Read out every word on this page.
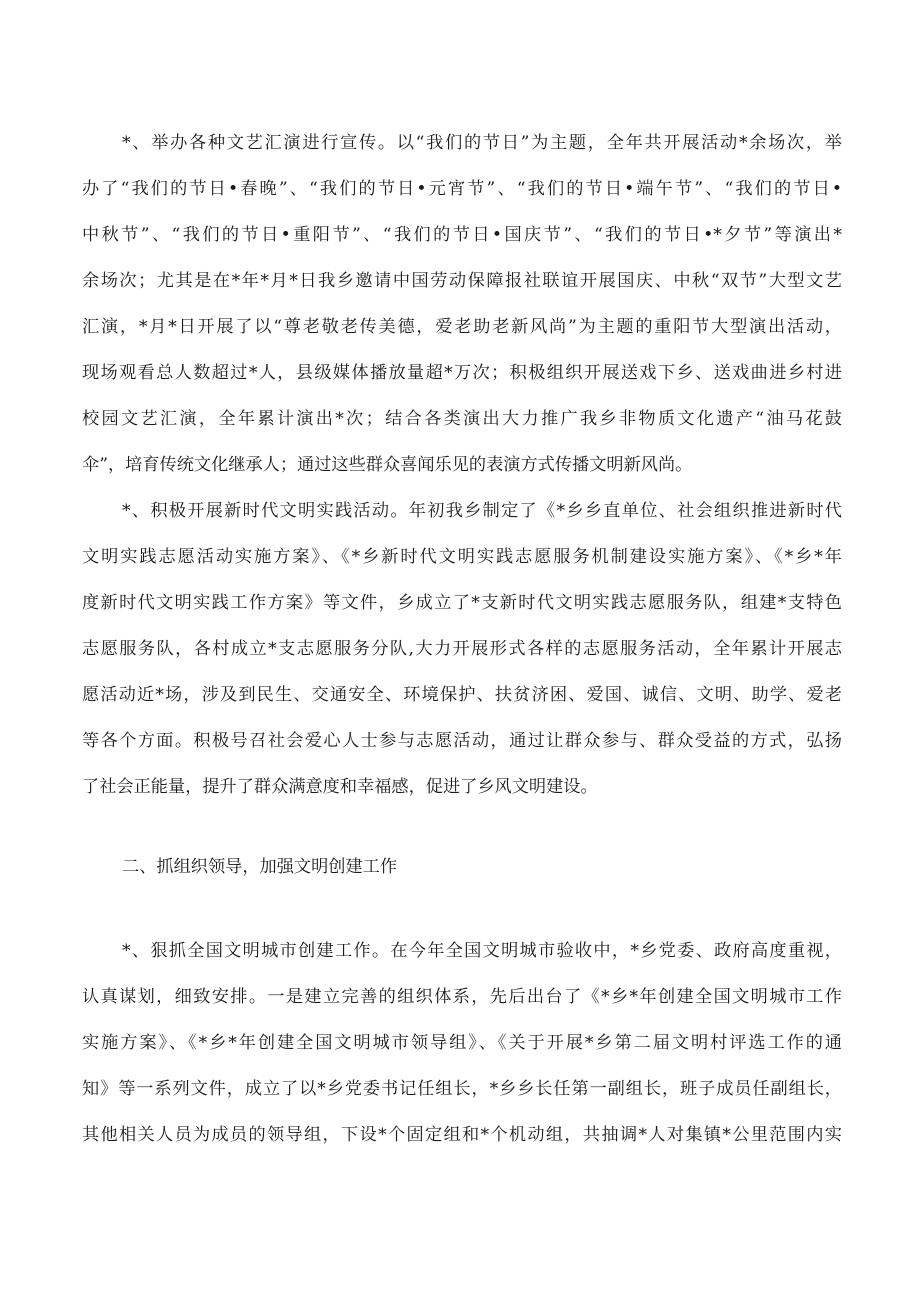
*、举办各种文艺汇演进行宣传。以“我们的节日”为主题，全年共开展活动*余场次，举
办了“我们的节日•春晚”、“我们的节日•元宵节”、“我们的节日•端午节”、“我们的节日•
中秋节”、“我们的节日•重阳节”、“我们的节日•国庆节”、“我们的节日•*夕节”等演出*
余场次；尤其是在*年*月*日我乡邀请中国劳动保障报社联谊开展国庆、中秋“双节”大型文艺
汇演，*月*日开展了以“尊老敬老传美德，爱老助老新风尚”为主题的重阳节大型演出活动，
现场观看总人数超过*人，县级媒体播放量超*万次；积极组织开展送戏下乡、送戏曲进乡村进
校园文艺汇演，全年累计演出*次；结合各类演出大力推广我乡非物质文化遗产“油马花鼓
伞”，培育传统文化继承人；通过这些群众喜闻乐见的表演方式传播文明新风尚。
*、积极开展新时代文明实践活动。年初我乡制定了《*乡乡直单位、社会组织推进新时代
文明实践志愿活动实施方案》、《*乡新时代文明实践志愿服务机制建设实施方案》、《*乡*年
度新时代文明实践工作方案》等文件，乡成立了*支新时代文明实践志愿服务队，组建*支特色
志愿服务队，各村成立*支志愿服务分队,大力开展形式各样的志愿服务活动，全年累计开展志
愿活动近*场，涉及到民生、交通安全、环境保护、扶贫济困、爱国、诚信、文明、助学、爱老
等各个方面。积极号召社会爱心人士参与志愿活动，通过让群众参与、群众受益的方式，弘扬
了社会正能量，提升了群众满意度和幸福感，促进了乡风文明建设。
二、抓组织领导，加强文明创建工作
*、狠抓全国文明城市创建工作。在今年全国文明城市验收中，*乡党委、政府高度重视，
认真谋划，细致安排。一是建立完善的组织体系，先后出台了《*乡*年创建全国文明城市工作
实施方案》、《*乡*年创建全国文明城市领导组》、《关于开展*乡第二届文明村评选工作的通
知》等一系列文件，成立了以*乡党委书记任组长，*乡乡长任第一副组长，班子成员任副组长，
其他相关人员为成员的领导组，下设*个固定组和*个机动组，共抽调*人对集镇*公里范围内实
